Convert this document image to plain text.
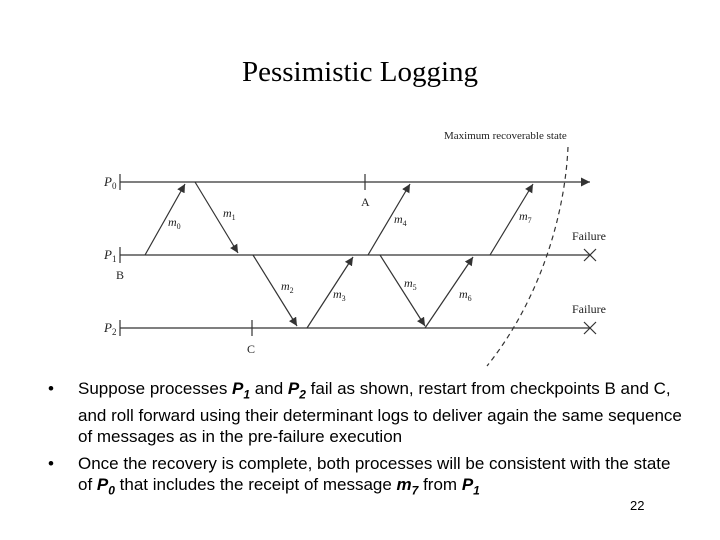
Pessimistic Logging
$P_0$
$P_1$
$P_2$
A
B
C
$m_0$
$m_1$
$m_2$	$m_3$
$m_4$
$m_5$	$m_6$
$m_7$
Failure
Failure
Maximum recoverable state
• Suppose processes $P_1$ and $P_2$ fail as shown, restart from checkpoints B and C, and roll forward using their determinant logs to deliver again the same sequence of messages as in the pre-failure execution
• Once the recovery is complete, both processes will be consistent with the state of $P_0$ that includes the receipt of message $m_7$ from $P_1$
22
